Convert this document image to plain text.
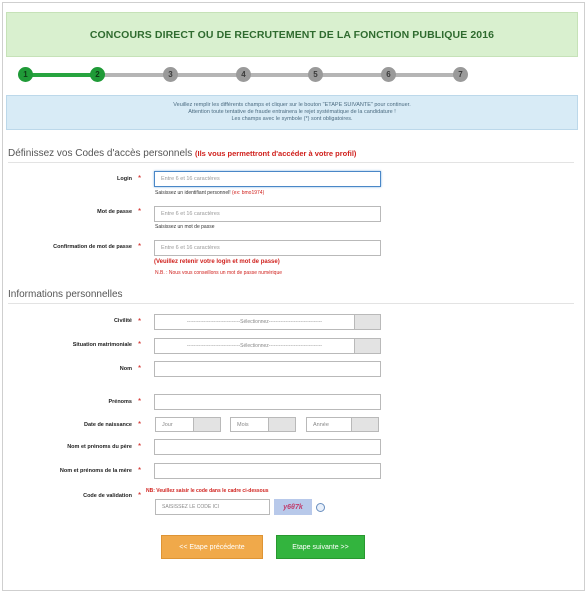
CONCOURS DIRECT OU DE RECRUTEMENT DE LA FONCTION PUBLIQUE 2016
1	2	3	4	5	6	7
Veuillez remplir les différents champs et cliquer sur le bouton "ETAPE SUIVANTE" pour continuer.
Attention toute tentative de fraude entrainera le rejet systématique de la candidature !
Les champs avec le symbole (*) sont obligatoires.
Définissez vos Codes d'accès personnels (Ils vous permettront d'accéder à votre profil)
Login *	Entre 6 et 16 caractères
Saisissez un identifiant personnel! (ex: bmo1974)
Mot de passe *	Entre 6 et 16 caractères
Saisissez un mot de passe
Confirmation de mot de passe *	Entre 6 et 16 caractères
(Veuillez retenir votre login et mot de passe)
N.B. : Nous vous conseillons un mot de passe numérique
Informations personnelles
Civilité *	--------------------------------Sélectionnez--------------------------------
Situation matrimoniale *	--------------------------------Sélectionnez--------------------------------
Nom *
Prénoms *
Date de naissance *	Jour	Mois	Année
Nom et prénoms du père *
Nom et prénoms de la mère *
Code de validation * NB: Veuillez saisir le code dans le cadre ci-dessous
SAISISSEZ LE CODE ICI	y6θ7k
<< Etape précédente	Etape suivante >>
